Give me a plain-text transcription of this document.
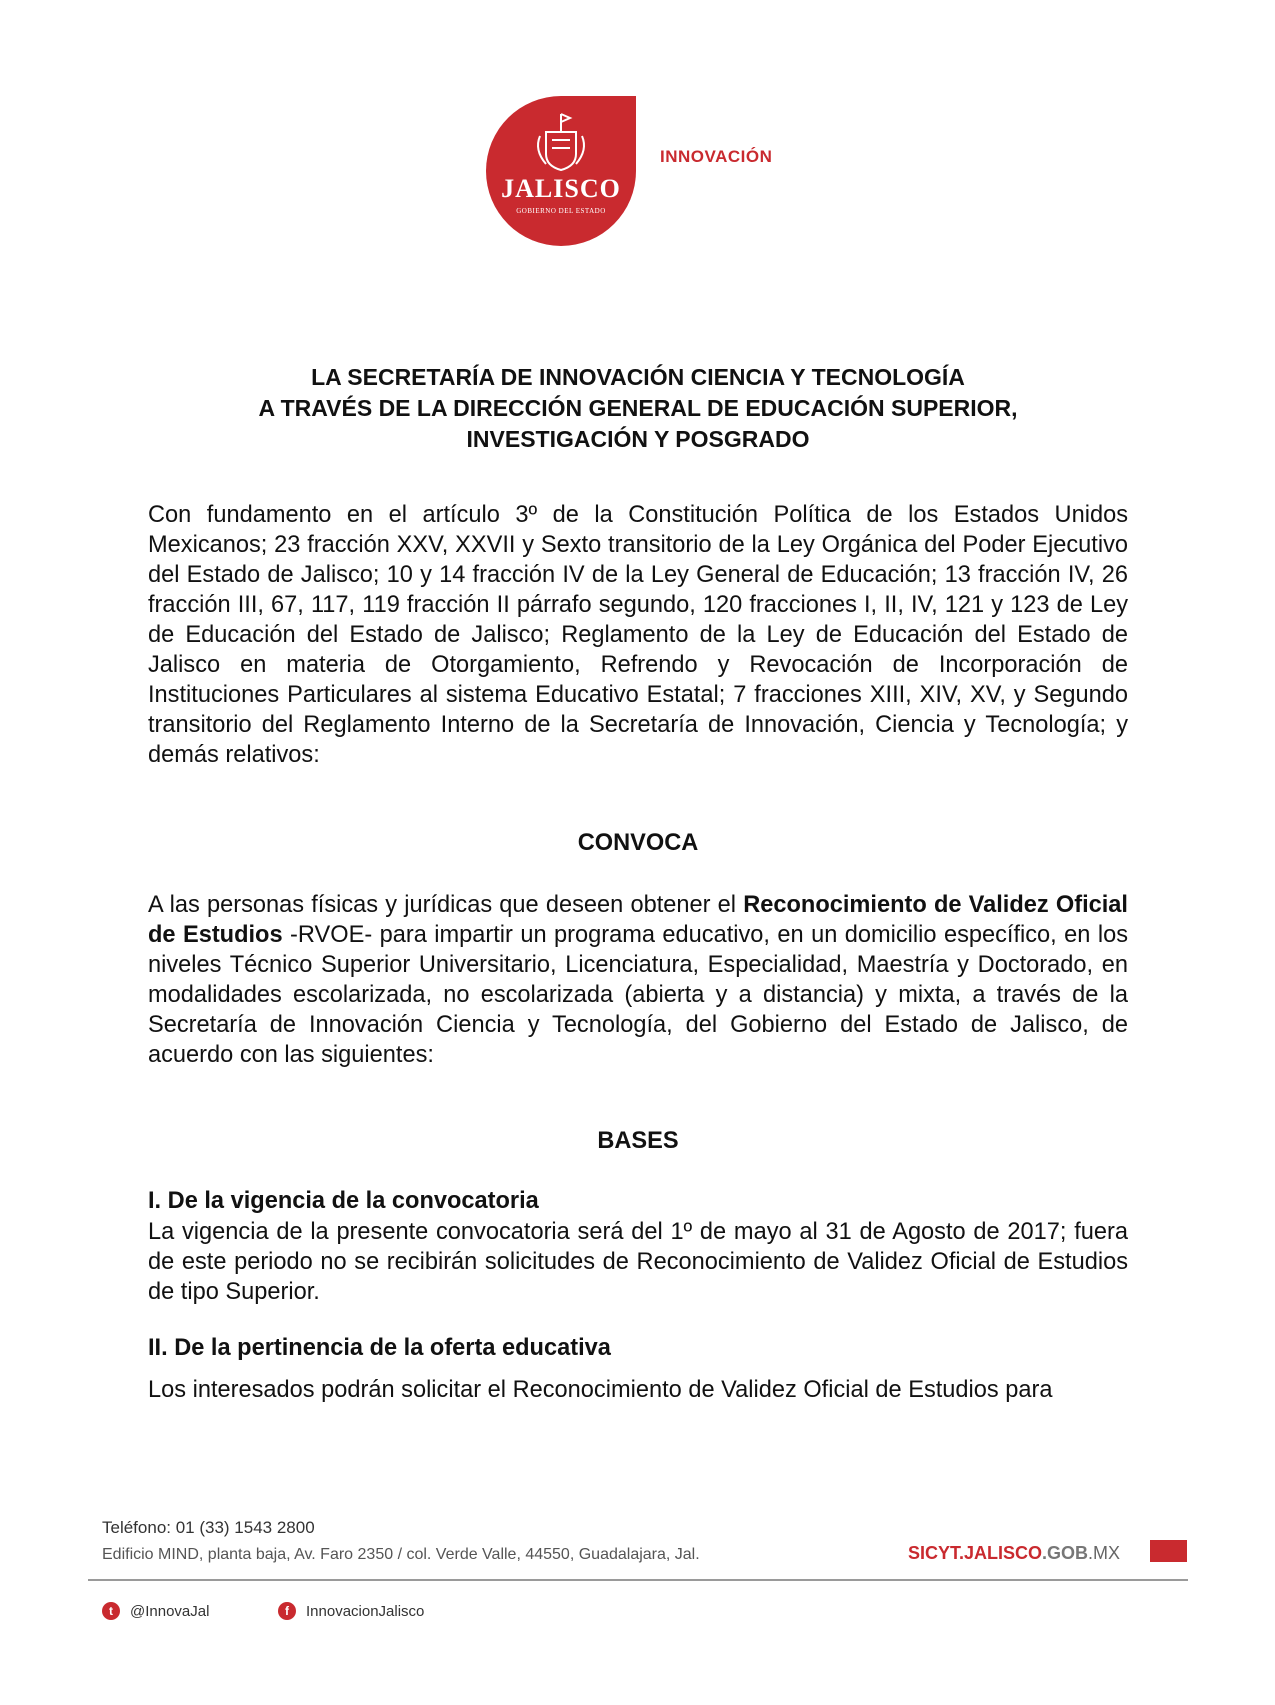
JALISCO
GOBIERNO DEL ESTADO
INNOVACIÓN
LA SECRETARÍA DE INNOVACIÓN CIENCIA Y TECNOLOGÍA
A TRAVÉS DE LA DIRECCIÓN GENERAL DE EDUCACIÓN SUPERIOR,
INVESTIGACIÓN Y POSGRADO
Con fundamento en el artículo 3º de la Constitución Política de los Estados Unidos Mexicanos; 23 fracción XXV, XXVII y Sexto transitorio de la Ley Orgánica del Poder Ejecutivo del Estado de Jalisco; 10 y 14 fracción IV de la Ley General de Educación; 13 fracción IV, 26 fracción III, 67, 117, 119 fracción II párrafo segundo, 120 fracciones I, II, IV, 121 y 123 de Ley de Educación del Estado de Jalisco; Reglamento de la Ley de Educación del Estado de Jalisco en materia de Otorgamiento, Refrendo y Revocación de Incorporación de Instituciones Particulares al sistema Educativo Estatal; 7 fracciones XIII, XIV, XV, y Segundo transitorio del Reglamento Interno de la Secretaría de Innovación, Ciencia y Tecnología; y demás relativos:
CONVOCA
A las personas físicas y jurídicas que deseen obtener el Reconocimiento de Validez Oficial de Estudios -RVOE- para impartir un programa educativo, en un domicilio específico, en los niveles Técnico Superior Universitario, Licenciatura, Especialidad, Maestría y Doctorado, en modalidades escolarizada, no escolarizada (abierta y a distancia) y mixta, a través de la Secretaría de Innovación Ciencia y Tecnología, del Gobierno del Estado de Jalisco, de acuerdo con las siguientes:
BASES
I. De la vigencia de la convocatoria
La vigencia de la presente convocatoria será del 1º de mayo al 31 de Agosto de 2017; fuera de este periodo no se recibirán solicitudes de Reconocimiento de Validez Oficial de Estudios de tipo Superior.
II. De la pertinencia de la oferta educativa
Los interesados podrán solicitar el Reconocimiento de Validez Oficial de Estudios para
Teléfono: 01 (33) 1543 2800
Edificio MIND, planta baja, Av. Faro 2350 / col. Verde Valle, 44550, Guadalajara, Jal.	SICYT.JALISCO.GOB.MX
t	@InnovaJal	f	InnovacionJalisco
